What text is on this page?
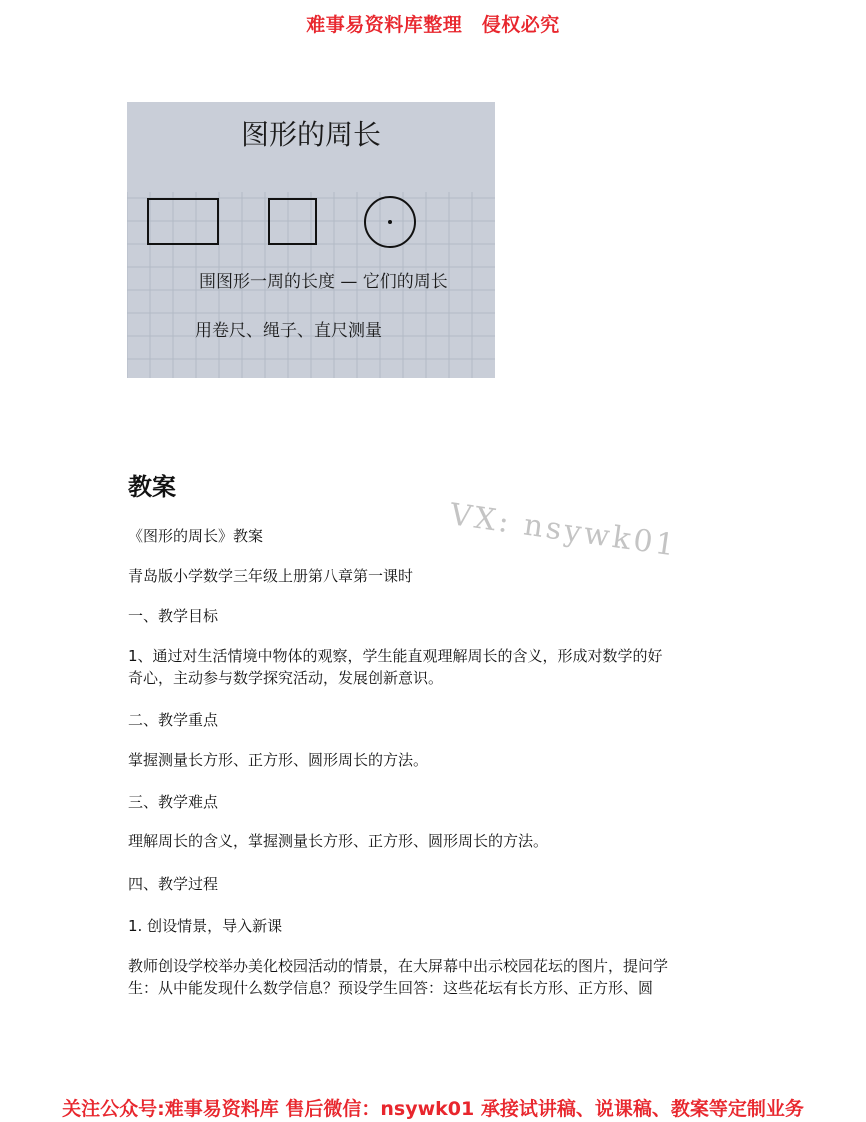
难事易资料库整理　侵权必究
图形的周长
围图形一周的长度 — 它们的周长
用卷尺、绳子、直尺测量
教案
VX: nsywk01
《图形的周长》教案
青岛版小学数学三年级上册第八章第一课时
一、教学目标
1、通过对生活情境中物体的观察，学生能直观理解周长的含义，形成对数学的好
奇心，主动参与数学探究活动，发展创新意识。
二、教学重点
掌握测量长方形、正方形、圆形周长的方法。
三、教学难点
理解周长的含义，掌握测量长方形、正方形、圆形周长的方法。
四、教学过程
1. 创设情景，导入新课
教师创设学校举办美化校园活动的情景，在大屏幕中出示校园花坛的图片，提问学
生：从中能发现什么数学信息？预设学生回答：这些花坛有长方形、正方形、圆
关注公众号:难事易资料库 售后微信：nsywk01 承接试讲稿、说课稿、教案等定制业务
